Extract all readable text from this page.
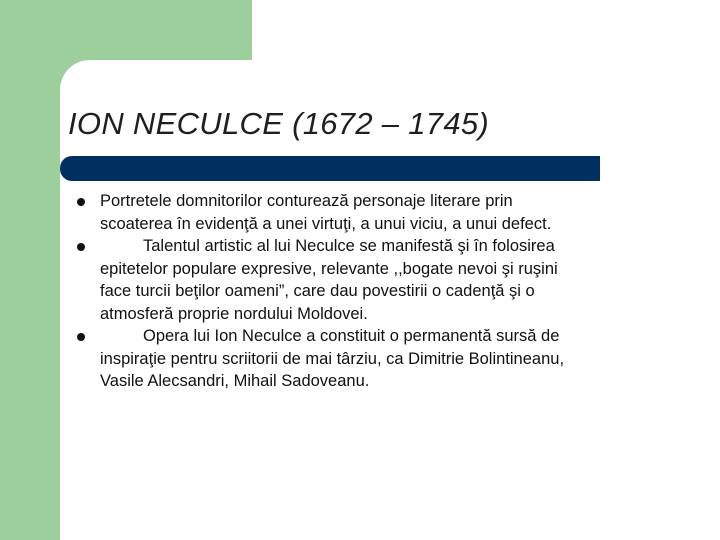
ION NECULCE (1672 – 1745)
Portretele domnitorilor conturează personaje literare prin
scoaterea în evidenţă a unei virtuţi, a unui viciu, a unui defect.
Talentul artistic al lui Neculce se manifestă şi în folosirea
epitetelor populare expresive, relevante ,,bogate nevoi şi ruşini
face turcii beţilor oameni”, care dau povestirii o cadenţă şi o
atmosferă proprie nordului Moldovei.
Opera lui Ion Neculce a constituit o permanentă sursă de
inspiraţie pentru scriitorii de mai târziu, ca Dimitrie Bolintineanu,
Vasile Alecsandri, Mihail Sadoveanu.
